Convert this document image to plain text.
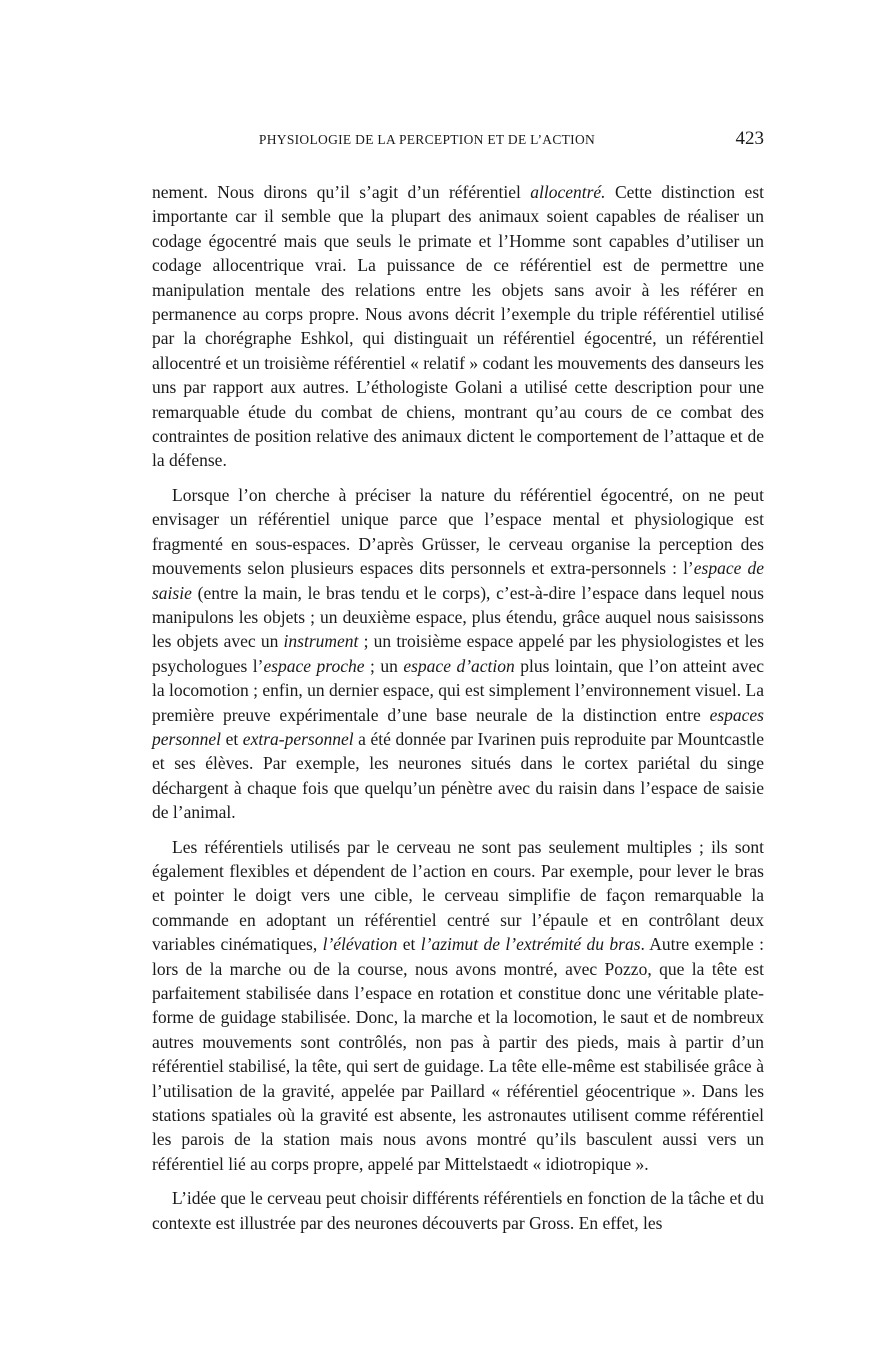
PHYSIOLOGIE DE LA PERCEPTION ET DE L’ACTION	423

nement. Nous dirons qu’il s’agit d’un référentiel allocentré. Cette distinction est importante car il semble que la plupart des animaux soient capables de réaliser un codage égocentré mais que seuls le primate et l’Homme sont capables d’utiliser un codage allocentrique vrai. La puissance de ce référentiel est de permettre une manipulation mentale des relations entre les objets sans avoir à les référer en permanence au corps propre. Nous avons décrit l’exemple du triple référentiel utilisé par la chorégraphe Eshkol, qui distinguait un référentiel égocentré, un référentiel allocentré et un troisième référentiel « relatif » codant les mouvements des danseurs les uns par rapport aux autres. L’éthologiste Golani a utilisé cette description pour une remarquable étude du combat de chiens, montrant qu’au cours de ce combat des contraintes de position relative des animaux dictent le comportement de l’attaque et de la défense.

Lorsque l’on cherche à préciser la nature du référentiel égocentré, on ne peut envisager un référentiel unique parce que l’espace mental et physiologique est fragmenté en sous-espaces. D’après Grüsser, le cerveau organise la perception des mouvements selon plusieurs espaces dits personnels et extra-personnels : l’espace de saisie (entre la main, le bras tendu et le corps), c’est-à-dire l’espace dans lequel nous manipulons les objets ; un deuxième espace, plus étendu, grâce auquel nous saisissons les objets avec un instrument ; un troisième espace appelé par les physiologistes et les psychologues l’espace proche ; un espace d’action plus lointain, que l’on atteint avec la locomotion ; enfin, un dernier espace, qui est simplement l’environnement visuel. La première preuve expérimentale d’une base neurale de la distinction entre espaces personnel et extra-personnel a été donnée par Ivarinen puis reproduite par Mountcastle et ses élèves. Par exemple, les neurones situés dans le cortex pariétal du singe déchargent à chaque fois que quelqu’un pénètre avec du raisin dans l’espace de saisie de l’animal.

Les référentiels utilisés par le cerveau ne sont pas seulement multiples ; ils sont également flexibles et dépendent de l’action en cours. Par exemple, pour lever le bras et pointer le doigt vers une cible, le cerveau simplifie de façon remarquable la commande en adoptant un référentiel centré sur l’épaule et en contrôlant deux variables cinématiques, l’élévation et l’azimut de l’extrémité du bras. Autre exemple : lors de la marche ou de la course, nous avons montré, avec Pozzo, que la tête est parfaitement stabilisée dans l’espace en rotation et constitue donc une véritable plate-forme de guidage stabilisée. Donc, la marche et la locomotion, le saut et de nombreux autres mouvements sont contrôlés, non pas à partir des pieds, mais à partir d’un référentiel stabilisé, la tête, qui sert de guidage. La tête elle-même est stabilisée grâce à l’utilisation de la gravité, appelée par Paillard « référentiel géocentrique ». Dans les stations spatiales où la gravité est absente, les astronautes utilisent comme référentiel les parois de la station mais nous avons montré qu’ils basculent aussi vers un référentiel lié au corps propre, appelé par Mittelstaedt « idiotropique ».

L’idée que le cerveau peut choisir différents référentiels en fonction de la tâche et du contexte est illustrée par des neurones découverts par Gross. En effet, les
